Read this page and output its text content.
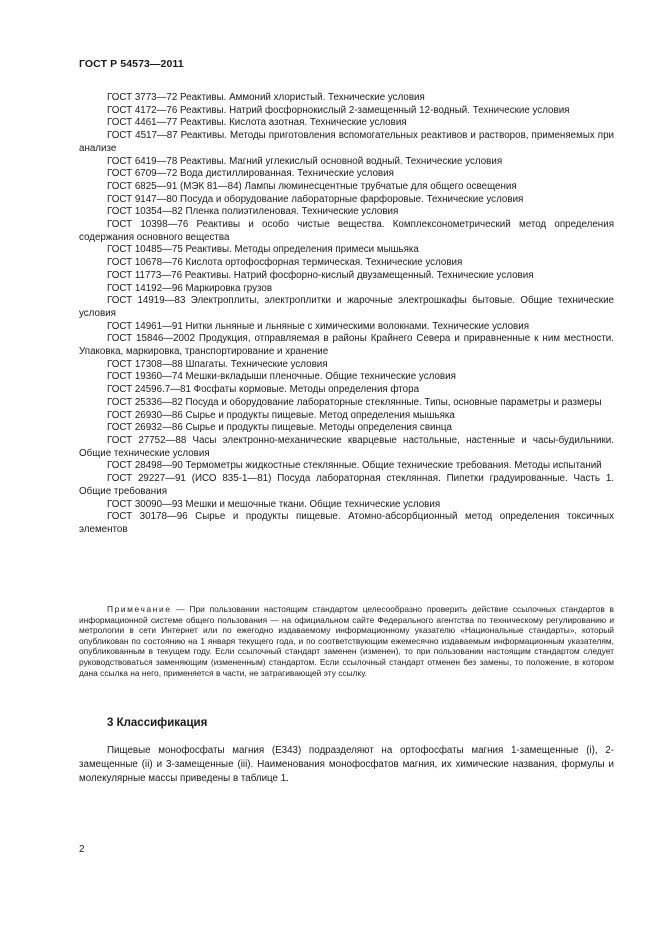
ГОСТ Р 54573—2011

ГОСТ 3773—72 Реактивы. Аммоний хлористый. Технические условия

ГОСТ 4172—76 Реактивы. Натрий фосфорнокислый 2-замещенный 12-водный. Технические условия

ГОСТ 4461—77 Реактивы. Кислота азотная. Технические условия

ГОСТ 4517—87 Реактивы. Методы приготовления вспомогательных реактивов и растворов, применяемых при анализе

ГОСТ 6419—78 Реактивы. Магний углекислый основной водный. Технические условия

ГОСТ 6709—72 Вода дистиллированная. Технические условия

ГОСТ 6825—91 (МЭК 81—84) Лампы люминесцентные трубчатые для общего освещения

ГОСТ 9147—80 Посуда и оборудование лабораторные фарфоровые. Технические условия

ГОСТ 10354—82 Пленка полиэтиленовая. Технические условия

ГОСТ 10398—76 Реактивы и особо чистые вещества. Комплексонометрический метод определения содержания основного вещества

ГОСТ 10485—75 Реактивы. Методы определения примеси мышьяка

ГОСТ 10678—76 Кислота ортофосфорная термическая. Технические условия

ГОСТ 11773—76 Реактивы. Натрий фосфорно-кислый двузамещенный. Технические условия

ГОСТ 14192—96 Маркировка грузов

ГОСТ 14919—83 Электроплиты, электроплитки и жарочные электрошкафы бытовые. Общие технические условия

ГОСТ 14961—91 Нитки льняные и льняные с химическими волокнами. Технические условия

ГОСТ 15846—2002 Продукция, отправляемая в районы Крайнего Севера и приравненные к ним местности. Упаковка, маркировка, транспортирование и хранение

ГОСТ 17308—88 Шпагаты. Технические условия

ГОСТ 19360—74 Мешки-вкладыши пленочные. Общие технические условия

ГОСТ 24596.7—81 Фосфаты кормовые. Методы определения фтора

ГОСТ 25336—82 Посуда и оборудование лабораторные стеклянные. Типы, основные параметры и размеры

ГОСТ 26930—86 Сырье и продукты пищевые. Метод определения мышьяка

ГОСТ 26932—86 Сырье и продукты пищевые. Методы определения свинца

ГОСТ 27752—88 Часы электронно-механические кварцевые настольные, настенные и часы-будильники. Общие технические условия

ГОСТ 28498—90 Термометры жидкостные стеклянные. Общие технические требования. Методы испытаний

ГОСТ 29227—91 (ИСО 835-1—81) Посуда лабораторная стеклянная. Пипетки градуированные. Часть 1. Общие требования

ГОСТ 30090—93 Мешки и мешочные ткани. Общие технические условия

ГОСТ 30178—96 Сырье и продукты пищевые. Атомно-абсорбционный метод определения токсичных элементов

Примечание — При пользовании настоящим стандартом целесообразно проверить действие ссылочных стандартов в информационной системе общего пользования — на официальном сайте Федерального агентства по техническому регулированию и метрологии в сети Интернет или по ежегодно издаваемому информационному указателю «Национальные стандарты», который опубликован по состоянию на 1 января текущего года, и по соответствующим ежемесячно издаваемым информационным указателям, опубликованным в текущем году. Если ссылочный стандарт заменен (изменен), то при пользовании настоящим стандартом следует руководствоваться заменяющим (измененным) стандартом. Если ссылочный стандарт отменен без замены, то положение, в котором дана ссылка на него, применяется в части, не затрагивающей эту ссылку.

3 Классификация

Пищевые монофосфаты магния (Е343) подразделяют на ортофосфаты магния 1-замещенные (i), 2-замещенные (ii) и 3-замещенные (iii). Наименования монофосфатов магния, их химические названия, формулы и молекулярные массы приведены в таблице 1.

2
